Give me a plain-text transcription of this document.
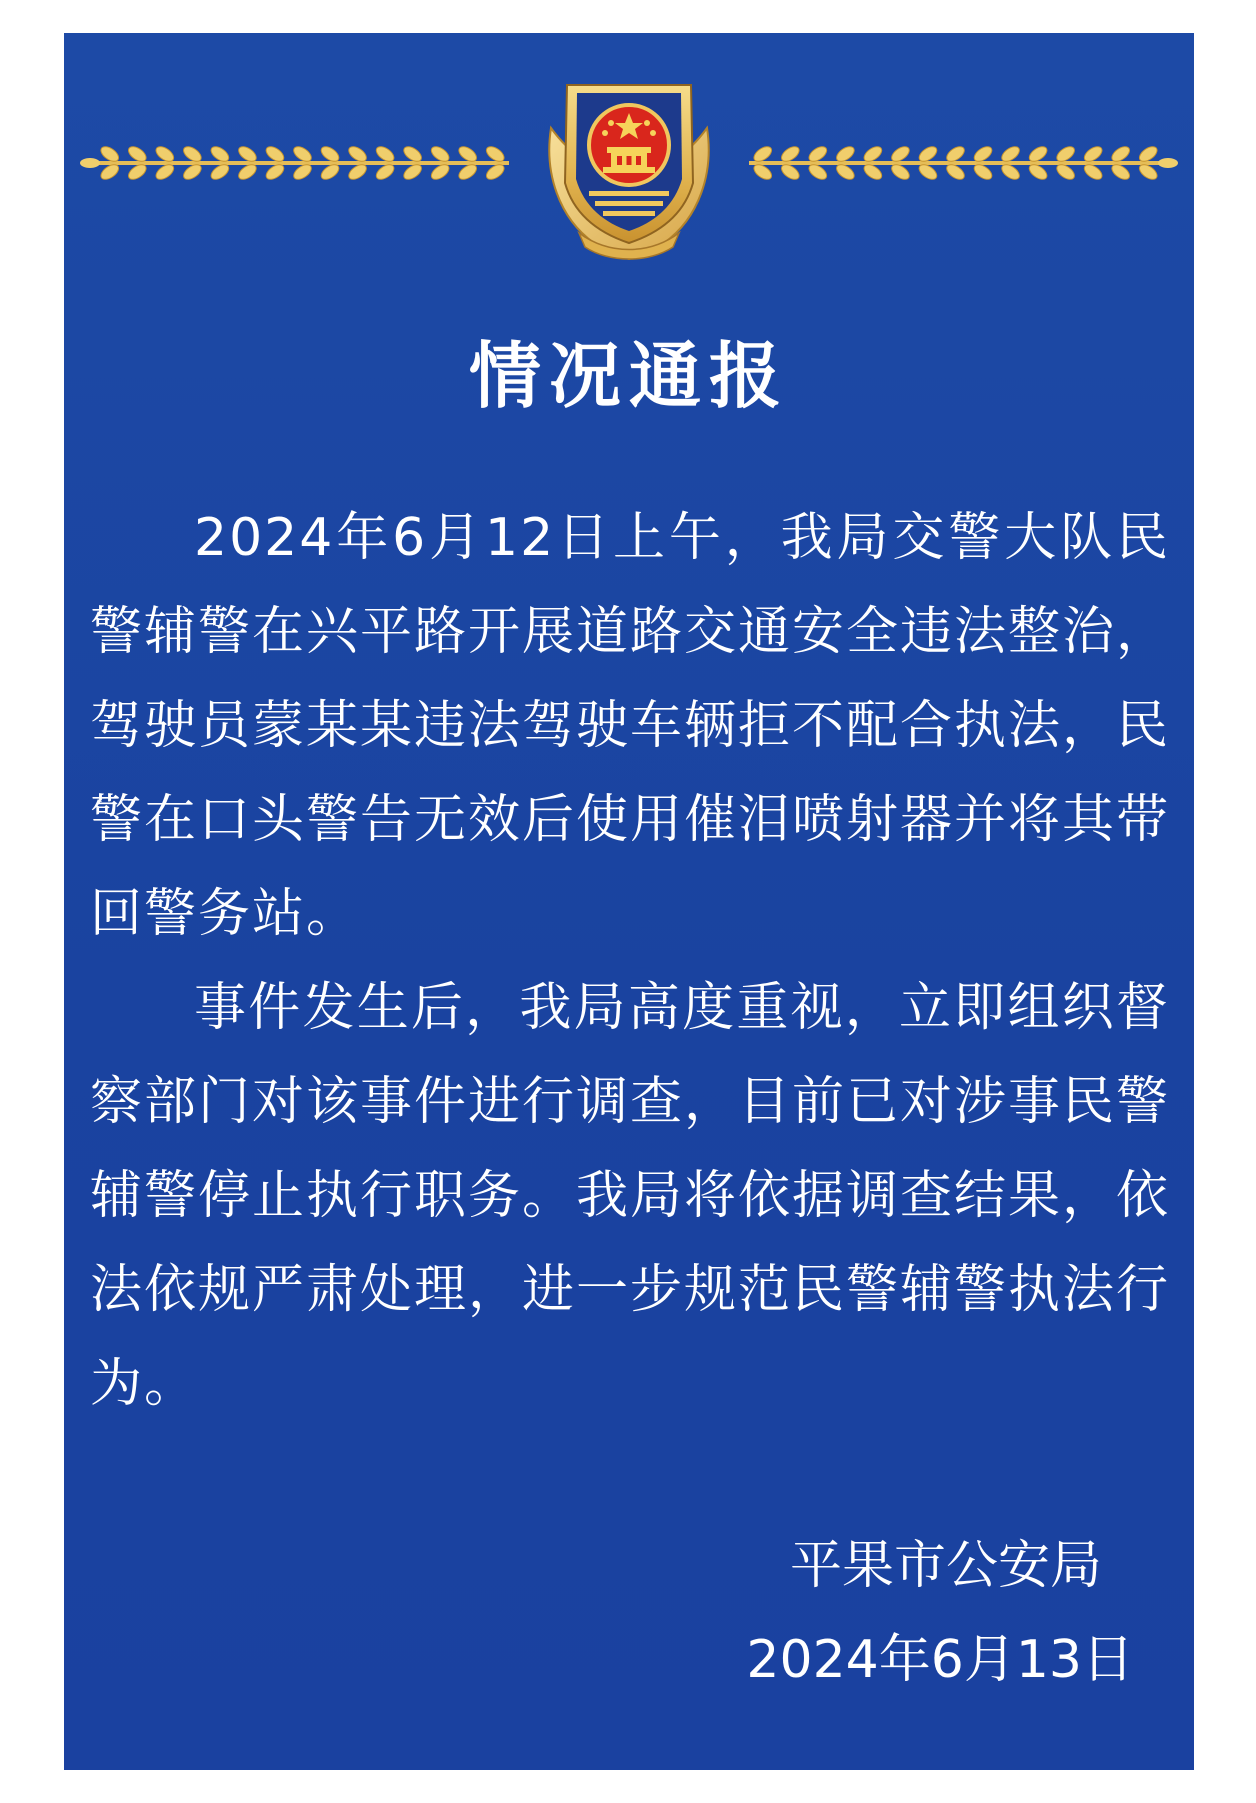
情况通报

2024年6月12日上午，我局交警大队民警辅警在兴平路开展道路交通安全违法整治，驾驶员蒙某某违法驾驶车辆拒不配合执法，民警在口头警告无效后使用催泪喷射器并将其带回警务站。

事件发生后，我局高度重视，立即组织督察部门对该事件进行调查，目前已对涉事民警辅警停止执行职务。我局将依据调查结果，依法依规严肃处理，进一步规范民警辅警执法行为。

平果市公安局
2024年6月13日
